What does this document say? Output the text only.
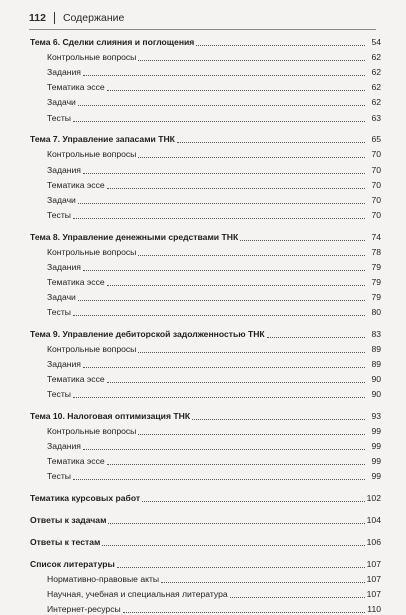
112 Содержание
Тема 6. Сделки слияния и поглощения	54
Контрольные вопросы	62
Задания	62
Тематика эссе	62
Задачи	62
Тесты	63
Тема 7. Управление запасами ТНК	65
Контрольные вопросы	70
Задания	70
Тематика эссе	70
Задачи	70
Тесты	70
Тема 8. Управление денежными средствами ТНК	74
Контрольные вопросы	78
Задания	79
Тематика эссе	79
Задачи	79
Тесты	80
Тема 9. Управление дебиторской задолженностью ТНК	83
Контрольные вопросы	89
Задания	89
Тематика эссе	90
Тесты	90
Тема 10. Налоговая оптимизация ТНК	93
Контрольные вопросы	99
Задания	99
Тематика эссе	99
Тесты	99
Тематика курсовых работ	102
Ответы к задачам	104
Ответы к тестам	106
Список литературы	107
Нормативно-правовые акты	107
Научная, учебная и специальная литература	107
Интернет-ресурсы	110
